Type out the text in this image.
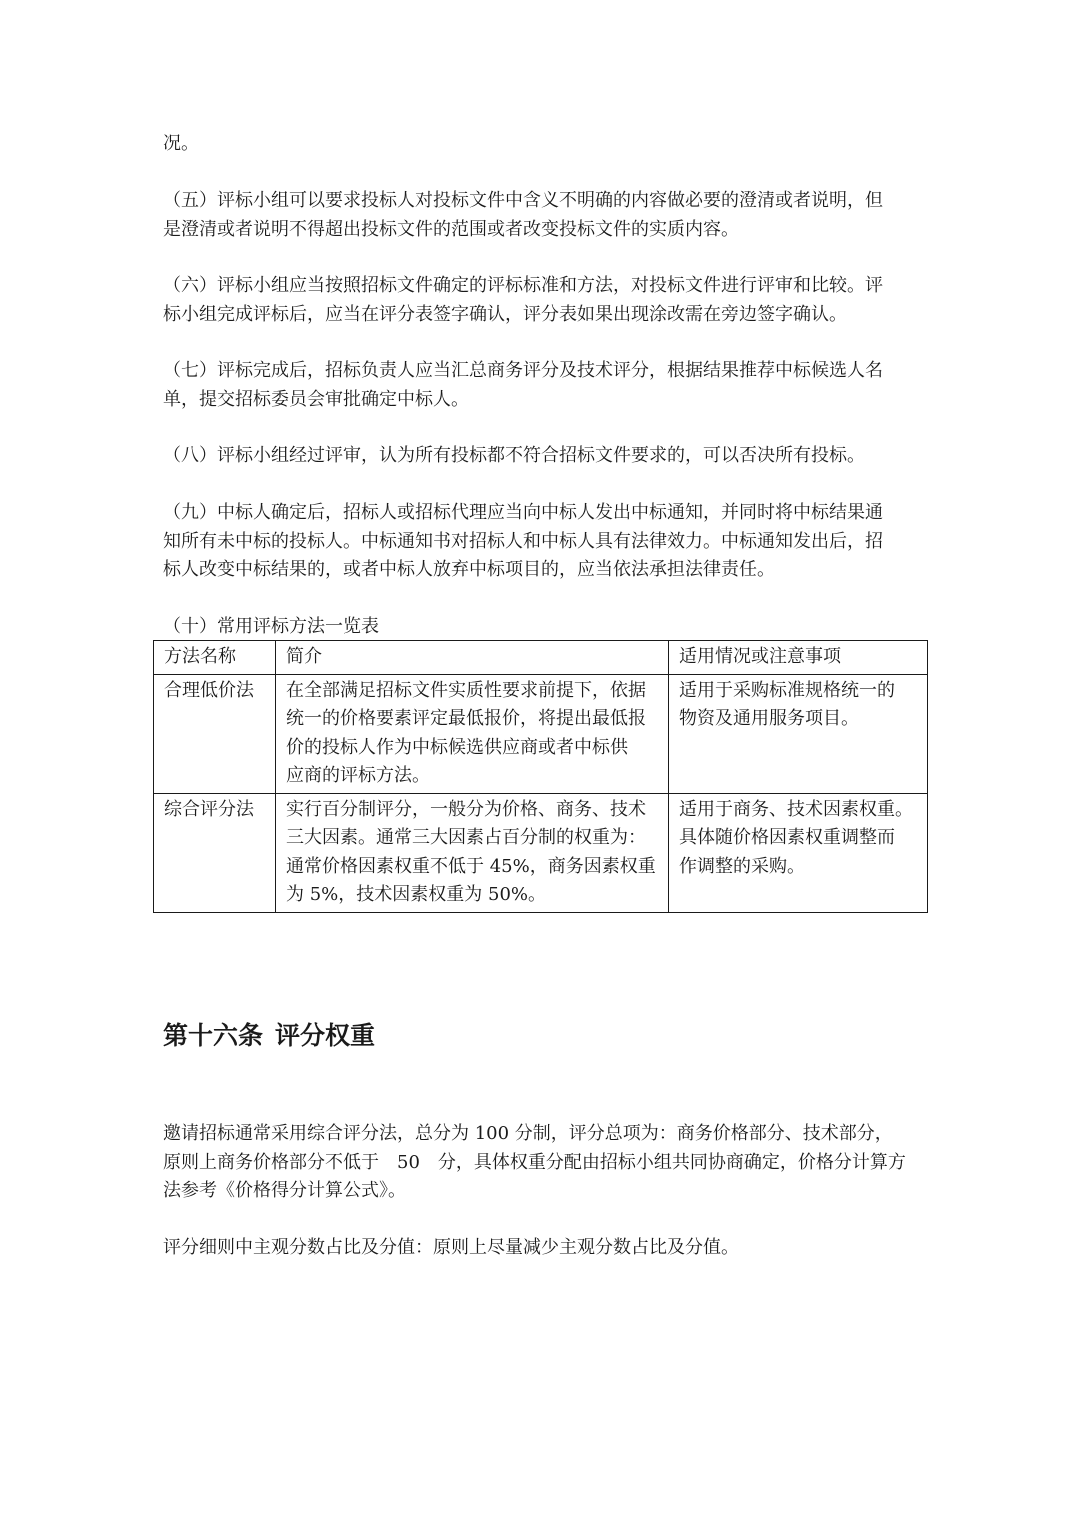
况。

（五）评标小组可以要求投标人对投标文件中含义不明确的内容做必要的澄清或者说明，但
是澄清或者说明不得超出投标文件的范围或者改变投标文件的实质内容。

（六）评标小组应当按照招标文件确定的评标标准和方法，对投标文件进行评审和比较。评
标小组完成评标后，应当在评分表签字确认，评分表如果出现涂改需在旁边签字确认。

（七）评标完成后，招标负责人应当汇总商务评分及技术评分，根据结果推荐中标候选人名
单，提交招标委员会审批确定中标人。

（八）评标小组经过评审，认为所有投标都不符合招标文件要求的，可以否决所有投标。

（九）中标人确定后，招标人或招标代理应当向中标人发出中标通知，并同时将中标结果通
知所有未中标的投标人。中标通知书对招标人和中标人具有法律效力。中标通知发出后，招
标人改变中标结果的，或者中标人放弃中标项目的，应当依法承担法律责任。

（十）常用评标方法一览表

方法名称	简介	适用情况或注意事项
合理低价法	在全部满足招标文件实质性要求前提下，依据
统一的价格要素评定最低报价，将提出最低报
价的投标人作为中标候选供应商或者中标供
应商的评标方法。	适用于采购标准规格统一的
物资及通用服务项目。

综合评分法	实行百分制评分，一般分为价格、商务、技术
三大因素。通常三大因素占百分制的权重为：
通常价格因素权重不低于 45%，商务因素权重
为 5%，技术因素权重为 50%。	适用于商务、技术因素权重。
具体随价格因素权重调整而
作调整的采购。
第十六条 评分权重

邀请招标通常采用综合评分法，总分为 100 分制，评分总项为：商务价格部分、技术部分，
原则上商务价格部分不低于　50　分，具体权重分配由招标小组共同协商确定，价格分计算方
法参考《价格得分计算公式》。

评分细则中主观分数占比及分值：原则上尽量减少主观分数占比及分值。
